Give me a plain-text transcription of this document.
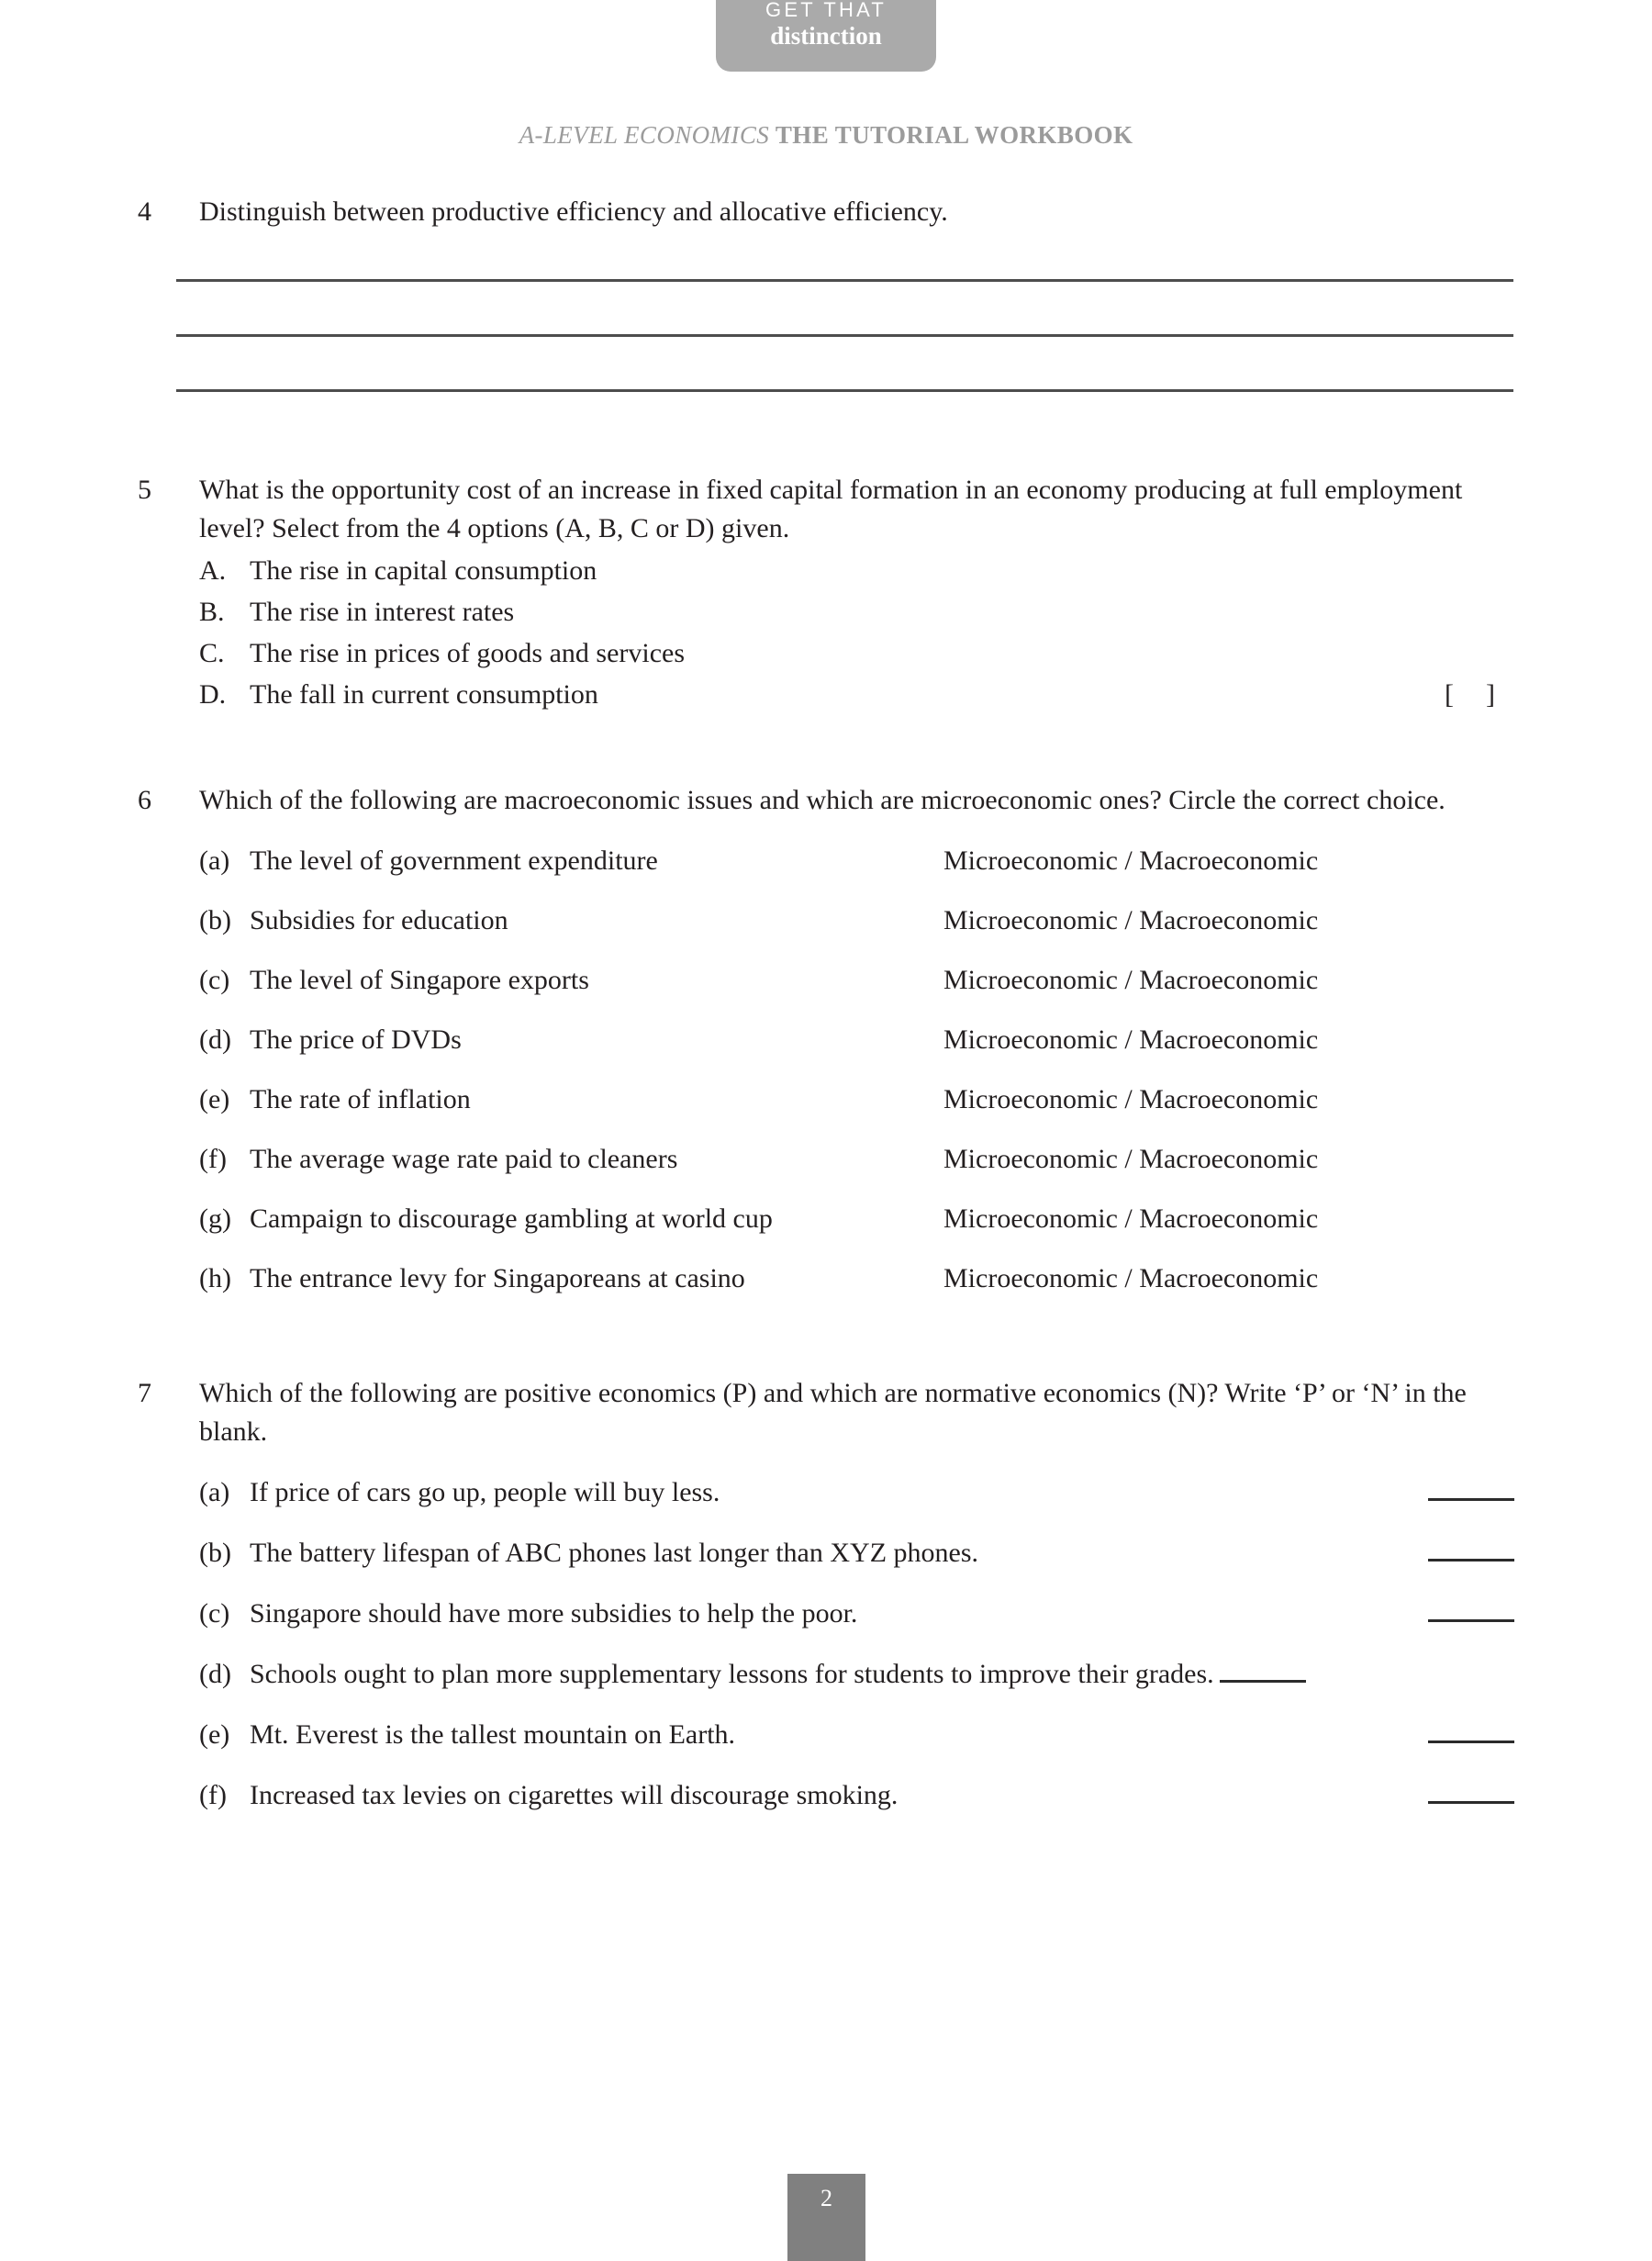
GET THAT
distinction
A-LEVEL ECONOMICS THE TUTORIAL WORKBOOK
4	Distinguish between productive efficiency and allocative efficiency.
5	What is the opportunity cost of an increase in fixed capital formation in an economy producing at full employment level? Select from the 4 options (A, B, C or D) given.
A. The rise in capital consumption
B. The rise in interest rates
C. The rise in prices of goods and services
D. The fall in current consumption	[    ]
6	Which of the following are macroeconomic issues and which are microeconomic ones? Circle the correct choice.
(a) The level of government expenditure	Microeconomic / Macroeconomic
(b) Subsidies for education	Microeconomic / Macroeconomic
(c) The level of Singapore exports	Microeconomic / Macroeconomic
(d) The price of DVDs	Microeconomic / Macroeconomic
(e) The rate of inflation	Microeconomic / Macroeconomic
(f) The average wage rate paid to cleaners	Microeconomic / Macroeconomic
(g) Campaign to discourage gambling at world cup	Microeconomic / Macroeconomic
(h) The entrance levy for Singaporeans at casino	Microeconomic / Macroeconomic
7	Which of the following are positive economics (P) and which are normative economics (N)? Write ‘P’ or ‘N’ in the blank.
(a) If price of cars go up, people will buy less.
(b) The battery lifespan of ABC phones last longer than XYZ phones.
(c) Singapore should have more subsidies to help the poor.
(d) Schools ought to plan more supplementary lessons for students to improve their grades.
(e) Mt. Everest is the tallest mountain on Earth.
(f) Increased tax levies on cigarettes will discourage smoking.
2
